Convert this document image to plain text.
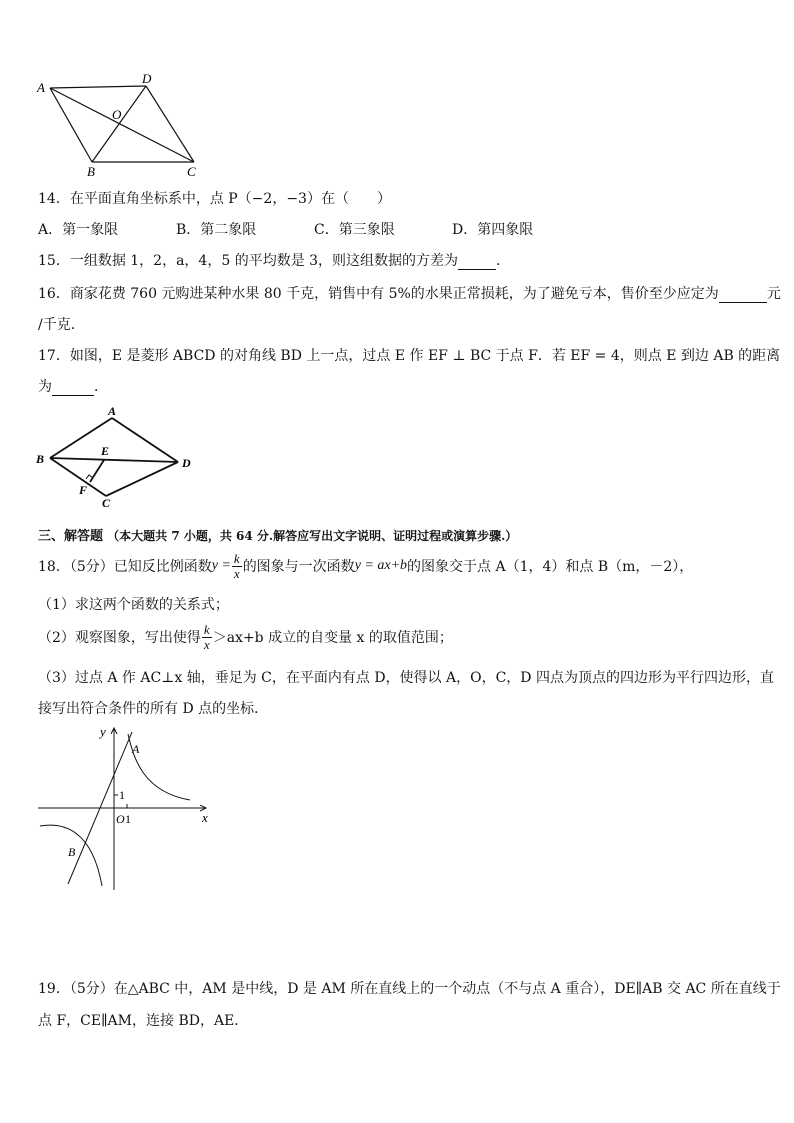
A
D
O
B	C
14．在平面直角坐标系中，点 P（−2，−3）在（　　）
A．第一象限	B．第二象限	C．第三象限	D．第四象限
15．一组数据 1，2，a，4，5 的平均数是 3，则这组数据的方差为	．
16．商家花费 760 元购进某种水果 80 千克，销售中有 5%的水果正常损耗，为了避免亏本，售价至少应定为	元
/千克．
17．如图，E 是菱形 ABCD 的对角线 BD 上一点，过点 E 作 EF ⊥ BC 于点 F．若 EF = 4，则点 E 到边 AB 的距离
为	．
A
B
E
D
F
C
三、解答题 （本大题共 7 小题，共 64 分.解答应写出文字说明、证明过程或演算步骤.）
18．（5分）已知反比例函数 $y = \frac{k}{x}$ 的图象与一次函数 y = ax+b 的图象交于点 A（1，4）和点 B（m，－2），
（1）求这两个函数的关系式；
（2）观察图象，写出使得 $\frac{k}{x} >ax+b$ 成立的自变量 x 的取值范围；
（3）过点 A 作 AC⊥x 轴，垂足为 C，在平面内有点 D，使得以 A，O，C，D 四点为顶点的四边形为平行四边形，直
接写出符合条件的所有 D 点的坐标．
y
x
A
B
O 1
1
19．（5分）在△ABC 中，AM 是中线，D 是 AM 所在直线上的一个动点（不与点 A 重合），DE∥AB 交 AC 所在直线于
点 F，CE∥AM，连接 BD，AE．
